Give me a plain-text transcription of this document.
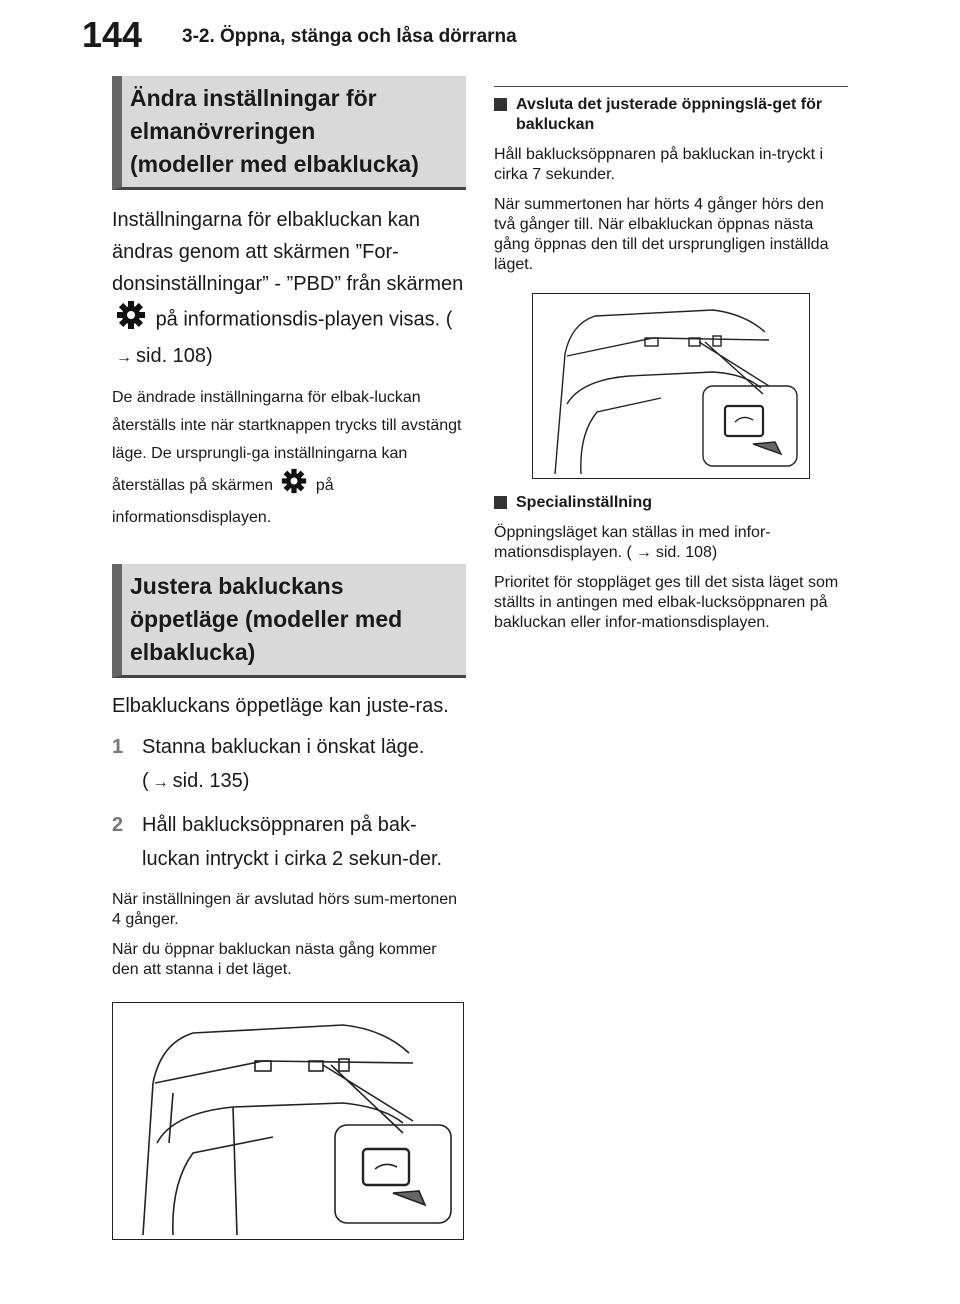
144 3-2. Öppna, stänga och låsa dörrarna
Ändra inställningar för
elmanövreringen
(modeller med elbaklucka)

Inställningarna för elbakluckan kan ändras genom att skärmen ”For-donsinställningar” - ”PBD” från skärmen  på informationsdis-playen visas. (→ sid. 108)

De ändrade inställningarna för elbak-luckan återställs inte när startknappen trycks till avstängt läge. De ursprungli-ga inställningarna kan återställas på skärmen	på informationsdisplayen.

Justera bakluckans
öppetläge (modeller med
elbaklucka)

Elbakluckans öppetläge kan juste-ras.

1 Stanna bakluckan i önskat läge.
( → sid. 135)
2 Håll baklucksöppnaren på bak-luckan intryckt i cirka 2 sekun-der.

När inställningen är avslutad hörs sum-mertonen 4 gånger.

När du öppnar bakluckan nästa gång kommer den att stanna i det läget.

Avsluta det justerade öppningslä-get för bakluckan

Håll baklucksöppnaren på bakluckan in-tryckt i cirka 7 sekunder.

När summertonen har hörts 4 gånger hörs den två gånger till. När elbakluckan öppnas nästa gång öppnas den till det ursprungligen inställda läget.

Specialinställning

Öppningsläget kan ställas in med infor-mationsdisplayen. ( → sid. 108)

Prioritet för stoppläget ges till det sista läget som ställts in antingen med elbak-lucksöppnaren på bakluckan eller infor-mationsdisplayen.
